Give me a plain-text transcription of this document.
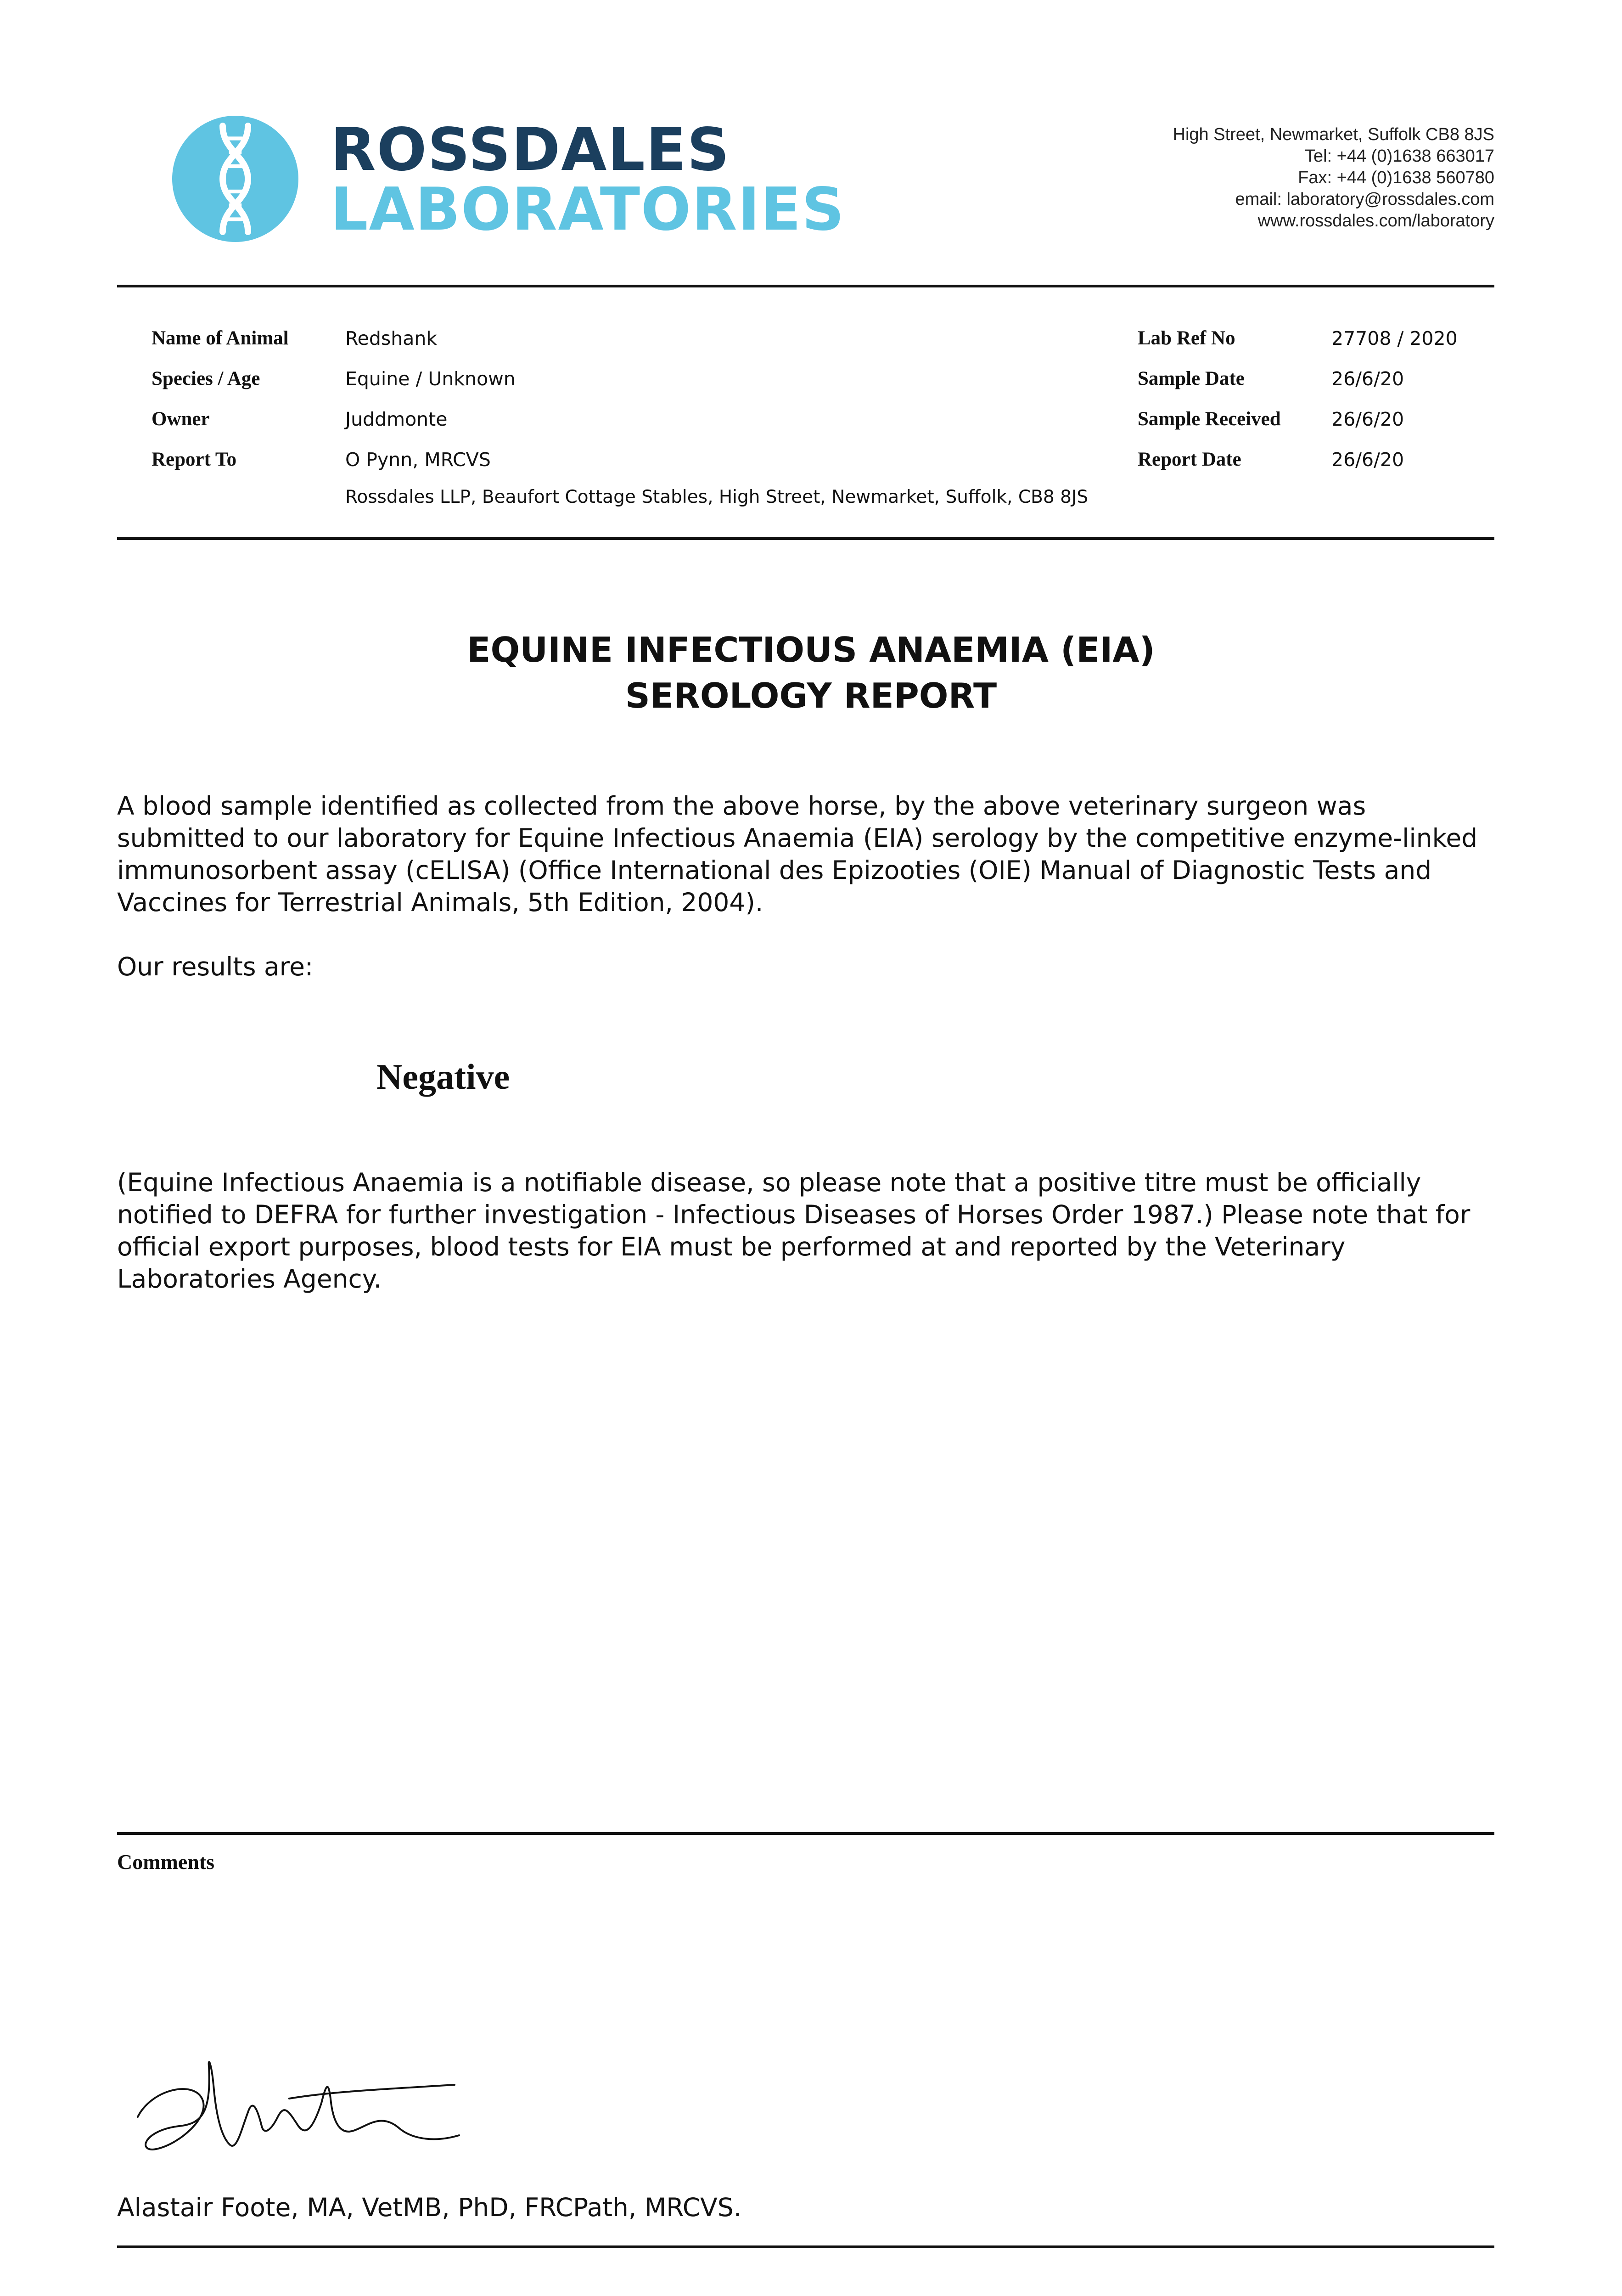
ROSSDALES
LABORATORIES
High Street, Newmarket, Suffolk CB8 8JS
Tel: +44 (0)1638 663017
Fax: +44 (0)1638 560780
email: laboratory@rossdales.com
www.rossdales.com/laboratory
Name of Animal	Redshank
Species / Age	Equine / Unknown
Owner	Juddmonte
Report To	O Pynn, MRCVS
Rossdales LLP, Beaufort Cottage Stables, High Street, Newmarket, Suffolk, CB8 8JS
Lab Ref No	27708 / 2020
Sample Date	26/6/20
Sample Received	26/6/20
Report Date	26/6/20
EQUINE INFECTIOUS ANAEMIA (EIA)
SEROLOGY REPORT
A blood sample identified as collected from the above horse, by the above veterinary surgeon was submitted to our laboratory for Equine Infectious Anaemia (EIA) serology by the competitive enzyme-linked immunosorbent assay (cELISA) (Office International des Epizooties (OIE) Manual of Diagnostic Tests and Vaccines for Terrestrial Animals, 5th Edition, 2004).
Our results are:
Negative
(Equine Infectious Anaemia is a notifiable disease, so please note that a positive titre must be officially notified to DEFRA for further investigation - Infectious Diseases of Horses Order 1987.) Please note that for official export purposes, blood tests for EIA must be performed at and reported by the Veterinary Laboratories Agency.
Comments
Alastair Foote, MA, VetMB, PhD, FRCPath, MRCVS.
